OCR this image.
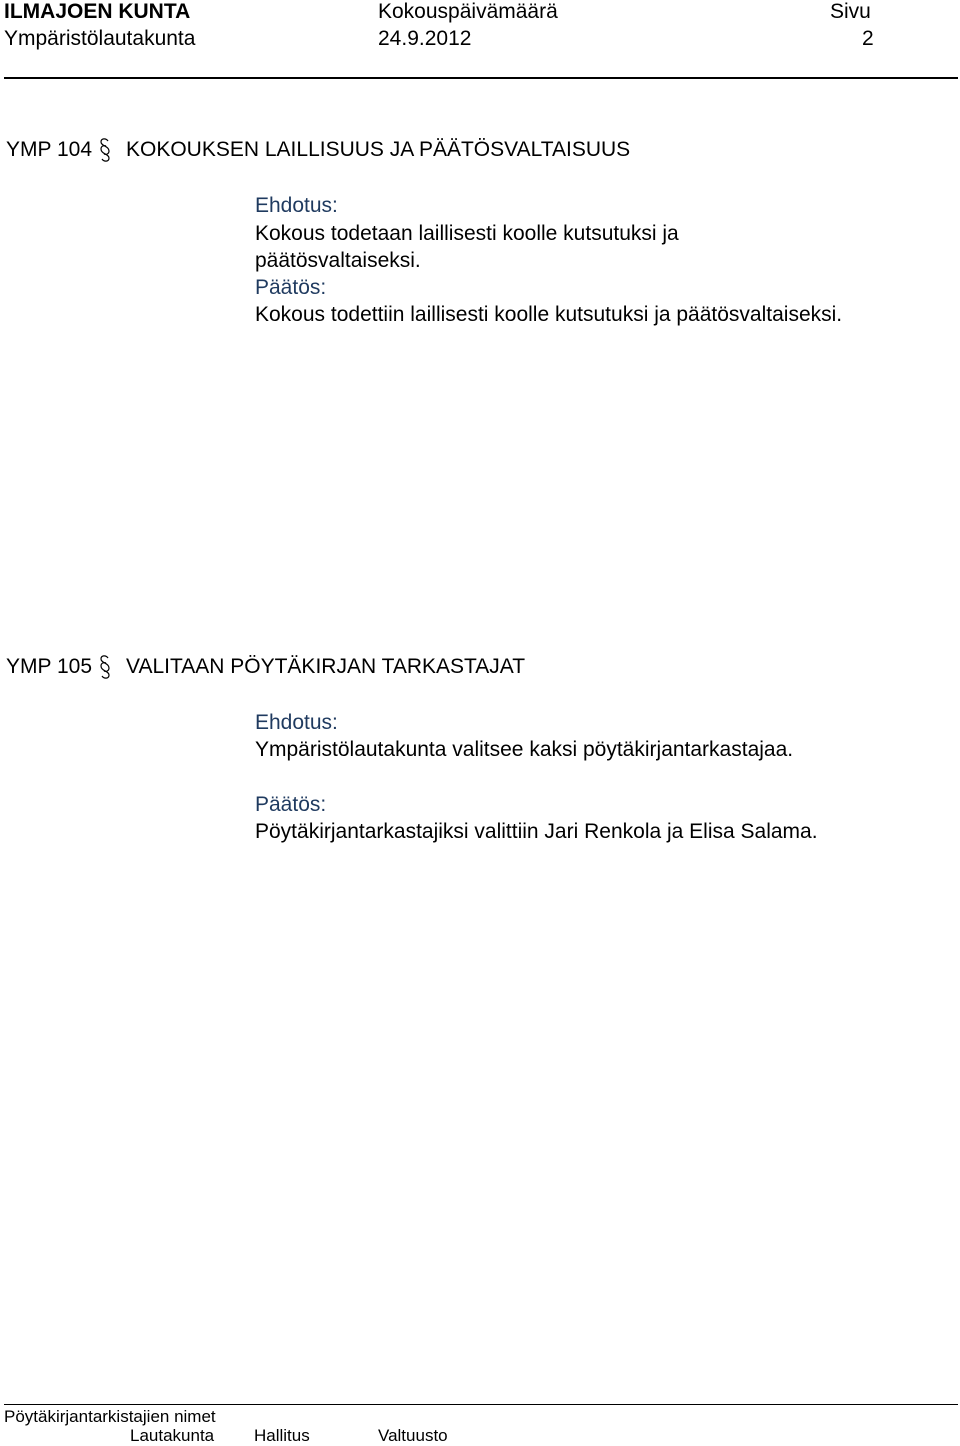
ILMAJOEN KUNTA
Ympäristölautakunta
Kokouspäivämäärä
24.9.2012
Sivu
2
YMP 104 KOKOUKSEN LAILLISUUS JA PÄÄTÖSVALTAISUUS
Ehdotus:
Kokous todetaan laillisesti koolle kutsutuksi ja
päätösvaltaiseksi.
Päätös:
Kokous todettiin laillisesti koolle kutsutuksi ja päätösvaltaiseksi.
YMP 105 VALITAAN PÖYTÄKIRJAN TARKASTAJAT
Ehdotus:
Ympäristölautakunta valitsee kaksi pöytäkirjantarkastajaa.
Päätös:
Pöytäkirjantarkastajiksi valittiin Jari Renkola ja Elisa Salama.
Pöytäkirjantarkistajien nimet
Lautakunta Hallitus	Valtuusto
